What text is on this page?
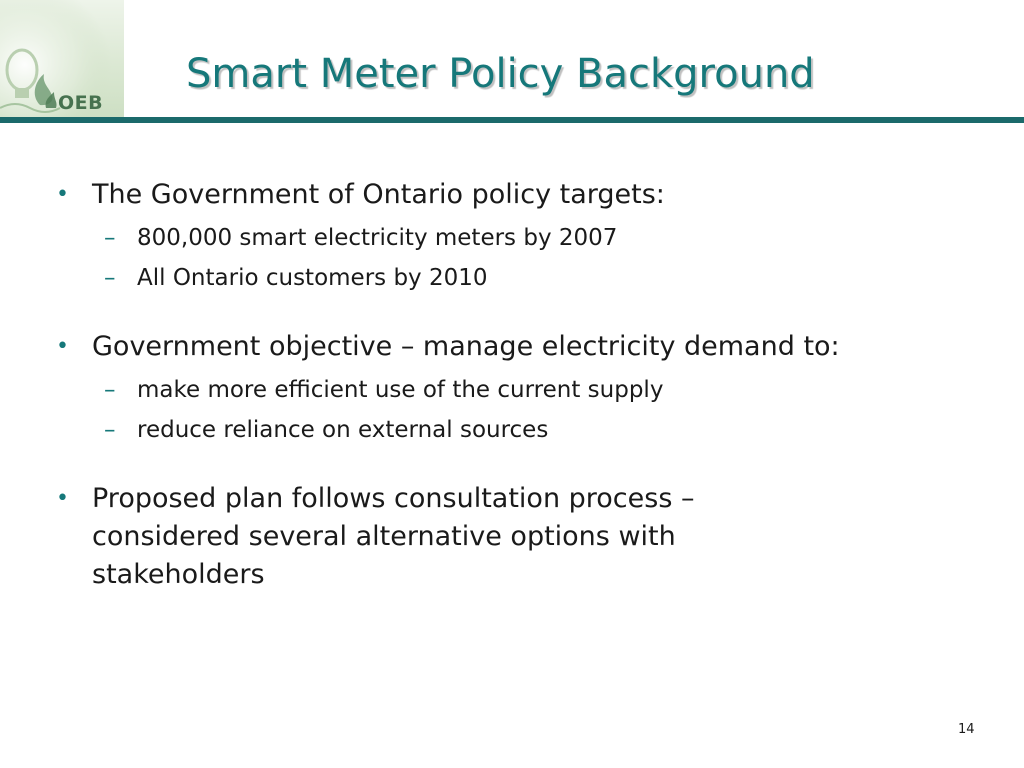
OEB
Smart Meter Policy Background
• The Government of Ontario policy targets:
– 800,000 smart electricity meters by 2007
– All Ontario customers by 2010
• Government objective – manage electricity demand to:
– make more efficient use of the current supply
– reduce reliance on external sources
• Proposed plan follows consultation process – considered several alternative options with stakeholders
14
